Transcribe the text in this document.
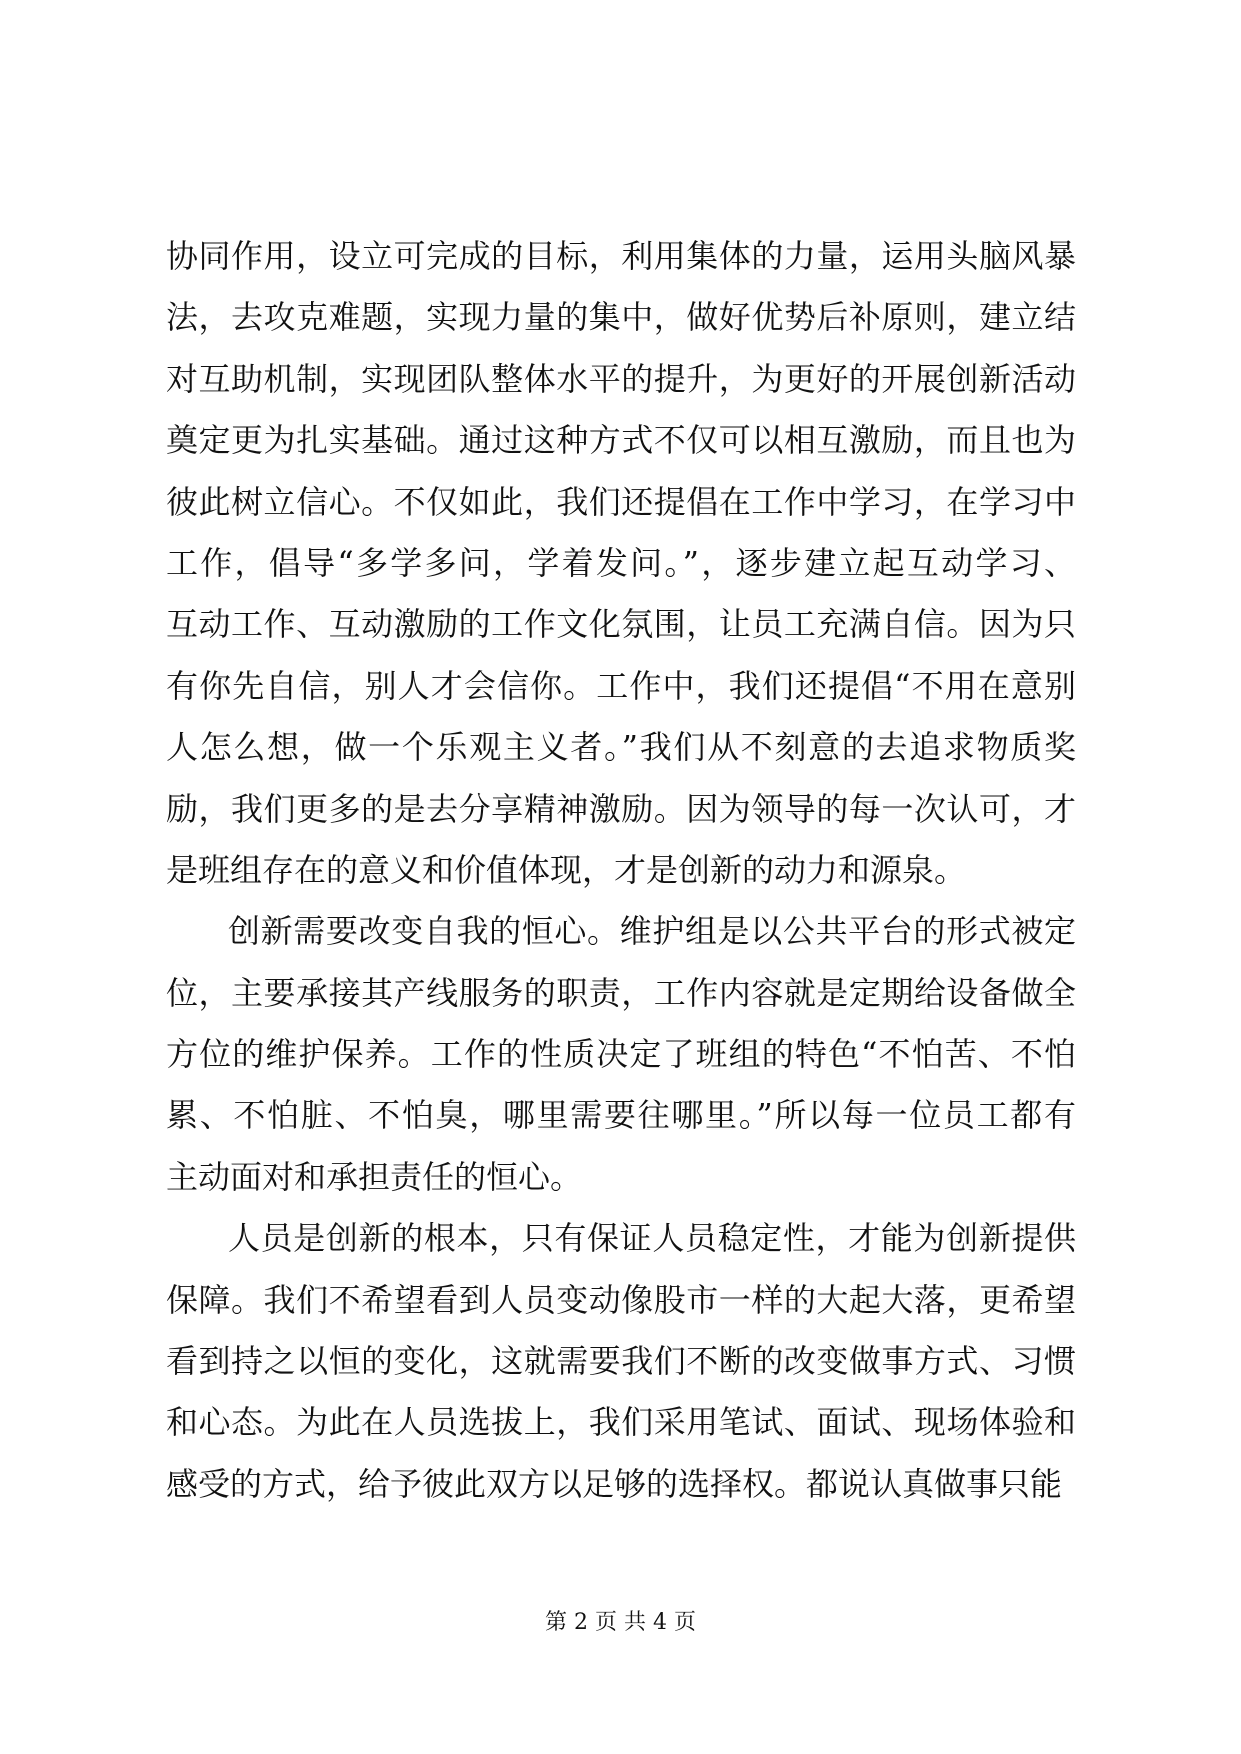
协同作用，设立可完成的目标，利用集体的力量，运用头脑风暴
法，去攻克难题，实现力量的集中，做好优势后补原则，建立结
对互助机制，实现团队整体水平的提升，为更好的开展创新活动
奠定更为扎实基础。通过这种方式不仅可以相互激励，而且也为
彼此树立信心。不仅如此，我们还提倡在工作中学习，在学习中
工作，倡导“多学多问，学着发问。”，逐步建立起互动学习、
互动工作、互动激励的工作文化氛围，让员工充满自信。因为只
有你先自信，别人才会信你。工作中，我们还提倡“不用在意别
人怎么想，做一个乐观主义者。”我们从不刻意的去追求物质奖
励，我们更多的是去分享精神激励。因为领导的每一次认可，才
是班组存在的意义和价值体现，才是创新的动力和源泉。
创新需要改变自我的恒心。维护组是以公共平台的形式被定
位，主要承接其产线服务的职责，工作内容就是定期给设备做全
方位的维护保养。工作的性质决定了班组的特色“不怕苦、不怕
累、不怕脏、不怕臭，哪里需要往哪里。”所以每一位员工都有
主动面对和承担责任的恒心。
人员是创新的根本，只有保证人员稳定性，才能为创新提供
保障。我们不希望看到人员变动像股市一样的大起大落，更希望
看到持之以恒的变化，这就需要我们不断的改变做事方式、习惯
和心态。为此在人员选拔上，我们采用笔试、面试、现场体验和
感受的方式，给予彼此双方以足够的选择权。都说认真做事只能
第 2 页 共 4 页
